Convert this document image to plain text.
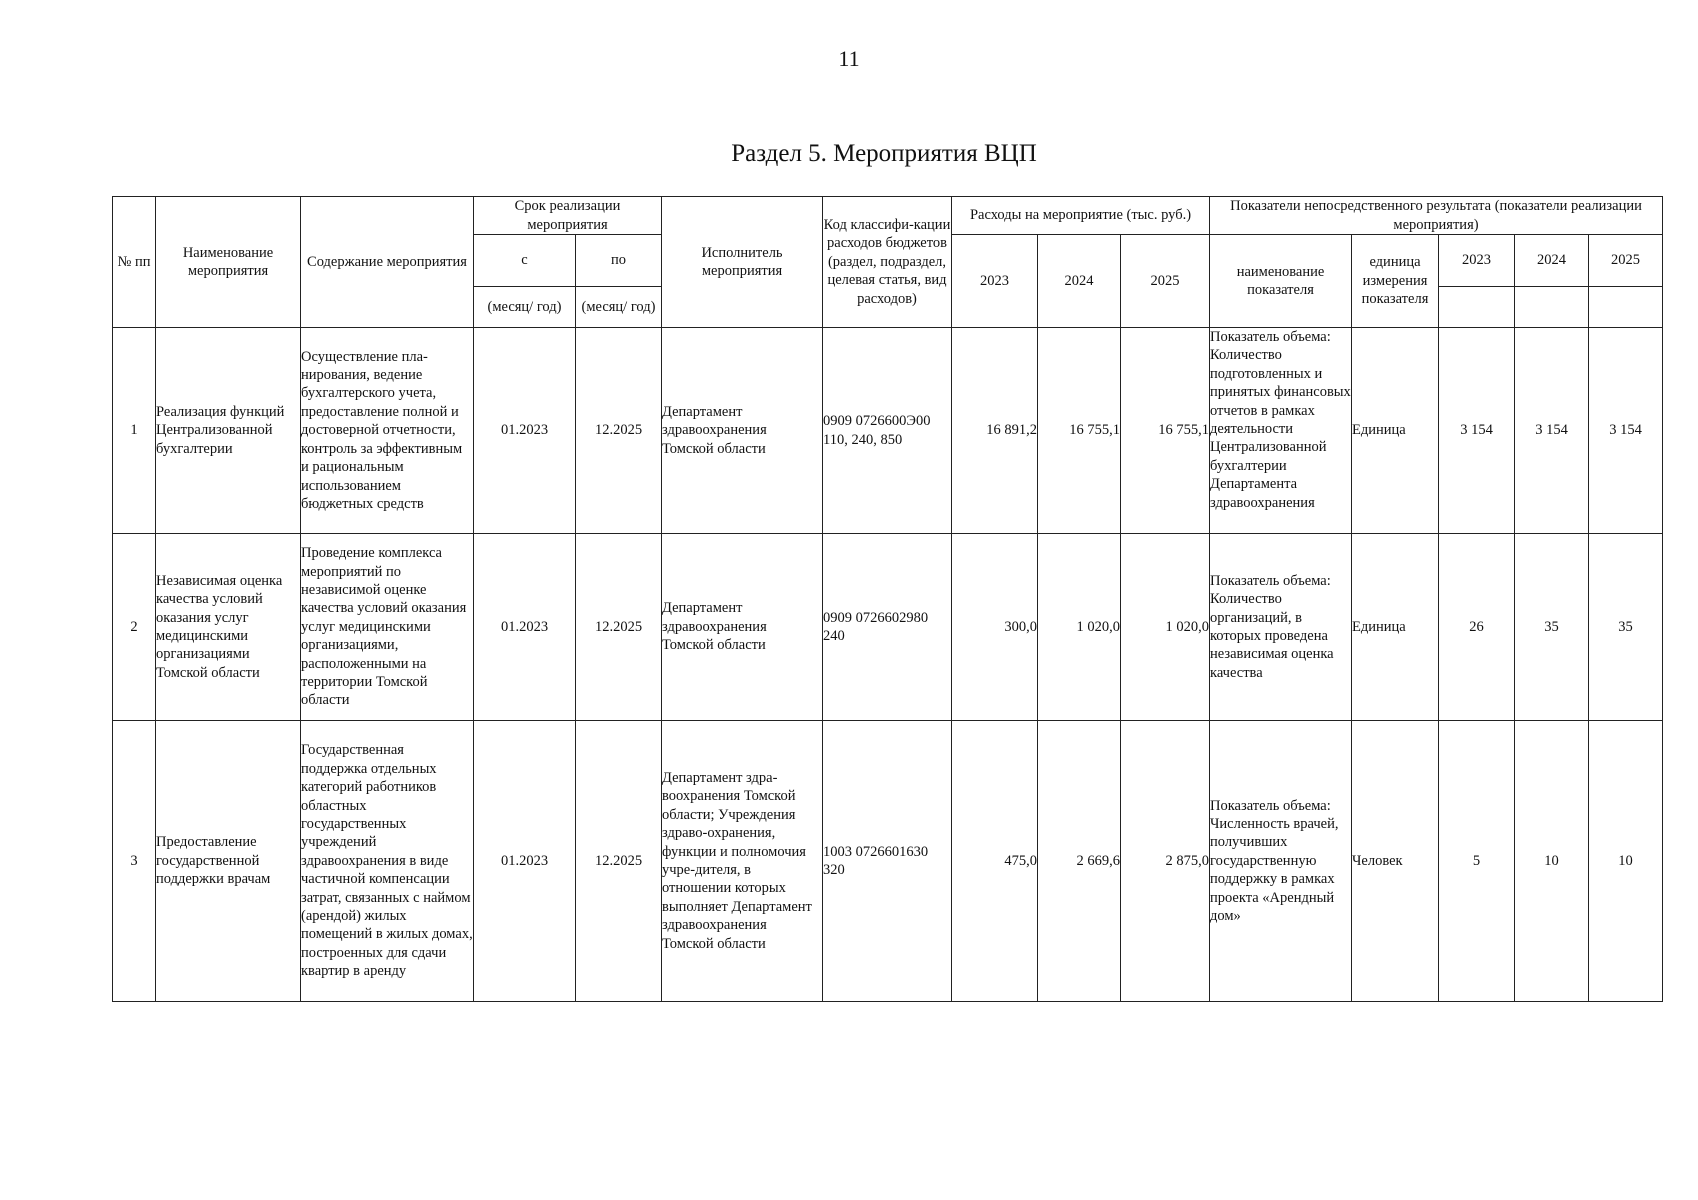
11
Раздел 5. Мероприятия ВЦП
№ пп	Наименование мероприятия	Содержание мероприятия	Срок реализации мероприятия		Исполнитель мероприятия	Код классифи-кации расходов бюджетов (раздел, подраздел, целевая статья, вид расходов)	Расходы на мероприятие (тыс. руб.)			Показатели непосредственного результата (показатели реализации мероприятия)				
			с	по			2023	2024	2025	наименование показателя	единица измерения показателя	2023	2024	2025
			(месяц/ год)	(месяц/ год)										
1	Реализация функций Централизованной бухгалтерии	Осуществление пла-нирования, ведение бухгалтерского учета, предоставление полной и достоверной отчетности, контроль за эффективным и рациональным использованием бюджетных средств	01.2023	12.2025	Департамент здравоохранения Томской области	0909 0726600Э00 110, 240, 850	16 891,2	16 755,1	16 755,1	Показатель объема: Количество подготовленных и принятых финансовых отчетов в рамках деятельности Централизованной бухгалтерии Департамента здравоохранения	Единица	3 154	3 154	3 154
2	Независимая оценка качества условий оказания услуг медицинскими организациями Томской области	Проведение комплекса мероприятий по независимой оценке качества условий оказания услуг медицинскими организациями, расположенными на территории Томской области	01.2023	12.2025	Департамент здравоохранения Томской области	0909 0726602980 240	300,0	1 020,0	1 020,0	Показатель объема: Количество организаций, в которых проведена независимая оценка качества	Единица	26	35	35
3	Предоставление государственной поддержки врачам	Государственная поддержка отдельных категорий работников областных государственных учреждений здравоохранения в виде частичной компенсации затрат, связанных с наймом (арендой) жилых помещений в жилых домах, построенных для сдачи квартир в аренду	01.2023	12.2025	Департамент здра-воохранения Томской области; Учреждения здраво-охранения, функции и полномочия учре-дителя, в отношении которых выполняет Департамент здравоохранения Томской области	1003 0726601630 320	475,0	2 669,6	2 875,0	Показатель объема: Численность врачей, получивших государственную поддержку в рамках проекта «Арендный дом»	Человек	5	10	10
